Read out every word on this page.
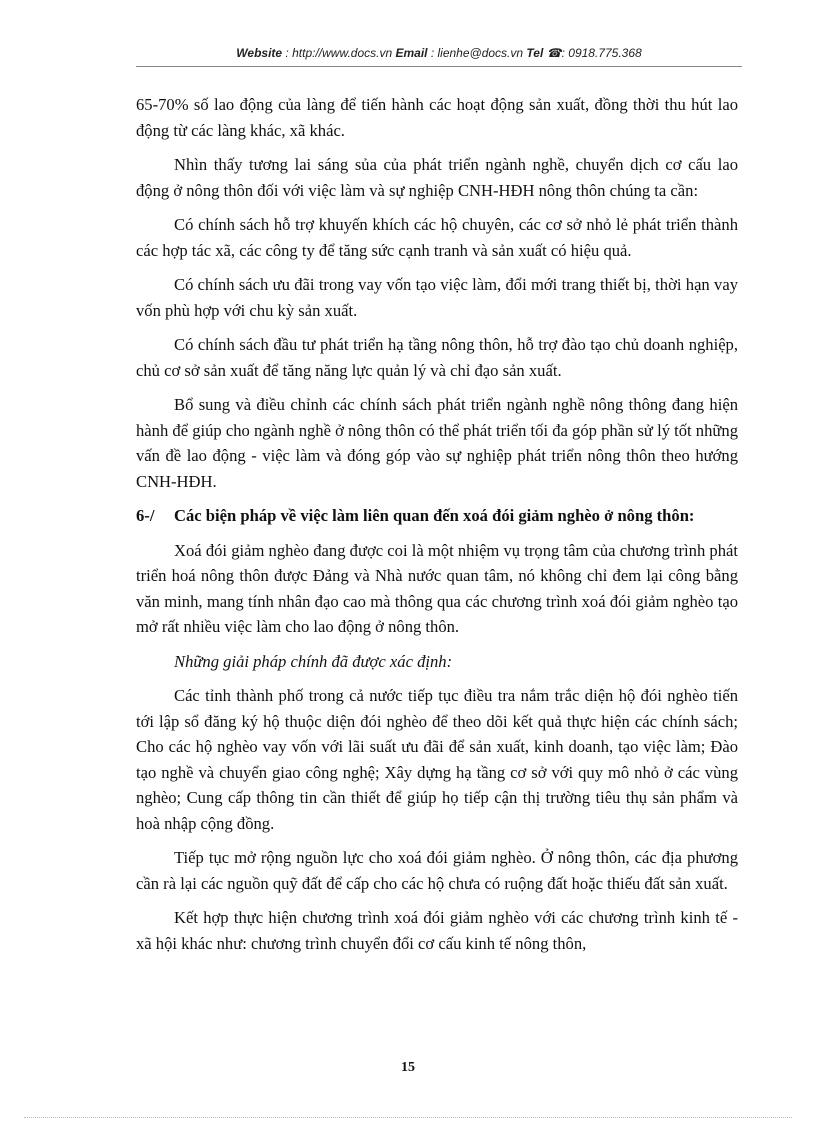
Website : http://www.docs.vn Email : lienhe@docs.vn Tel ☎: 0918.775.368

65-70% số lao động của làng để tiến hành các hoạt động sản xuất, đồng thời thu hút lao động từ các làng khác, xã khác.

Nhìn thấy tương lai sáng sủa của phát triển ngành nghề, chuyển dịch cơ cấu lao động ở nông thôn đối với việc làm và sự nghiệp CNH-HĐH nông thôn chúng ta cần:

Có chính sách hỗ trợ khuyến khích các hộ chuyên, các cơ sở nhỏ lẻ phát triển thành các hợp tác xã, các công ty để tăng sức cạnh tranh và sản xuất có hiệu quả.

Có chính sách ưu đãi trong vay vốn tạo việc làm, đổi mới trang thiết bị, thời hạn vay vốn phù hợp với chu kỳ sản xuất.

Có chính sách đầu tư phát triển hạ tầng nông thôn, hỗ trợ đào tạo chủ doanh nghiệp, chủ cơ sở sản xuất để tăng năng lực quản lý và chỉ đạo sản xuất.

Bổ sung và điều chỉnh các chính sách phát triển ngành nghề nông thông đang hiện hành để giúp cho ngành nghề ở nông thôn có thể phát triển tối đa góp phần sử lý tốt những vấn đề lao động - việc làm và đóng góp vào sự nghiệp phát triển nông thôn theo hướng CNH-HĐH.

6-/	Các biện pháp về việc làm liên quan đến xoá đói giảm nghèo ở nông thôn:

Xoá đói giảm nghèo đang được coi là một nhiệm vụ trọng tâm của chương trình phát triển hoá nông thôn được Đảng và Nhà nước quan tâm, nó không chỉ đem lại công bằng văn minh, mang tính nhân đạo cao mà thông qua các chương trình xoá đói giảm nghèo tạo mở rất nhiều việc làm cho lao động ở nông thôn.

Những giải pháp chính đã được xác định:

Các tỉnh thành phố trong cả nước tiếp tục điều tra nắm trắc diện hộ đói nghèo tiến tới lập sổ đăng ký hộ thuộc diện đói nghèo để theo dõi kết quả thực hiện các chính sách; Cho các hộ nghèo vay vốn với lãi suất ưu đãi để sản xuất, kinh doanh, tạo việc làm; Đào tạo nghề và chuyển giao công nghệ; Xây dựng hạ tầng cơ sở với quy mô nhỏ ở các vùng nghèo; Cung cấp thông tin cần thiết để giúp họ tiếp cận thị trường tiêu thụ sản phẩm và hoà nhập cộng đồng.

Tiếp tục mở rộng nguồn lực cho xoá đói giảm nghèo. Ở nông thôn, các địa phương cần rà lại các nguồn quỹ đất để cấp cho các hộ chưa có ruộng đất hoặc thiếu đất sản xuất.

Kết hợp thực hiện chương trình xoá đói giảm nghèo với các chương trình kinh tế - xã hội khác như: chương trình chuyển đổi cơ cấu kinh tế nông thôn,

15
